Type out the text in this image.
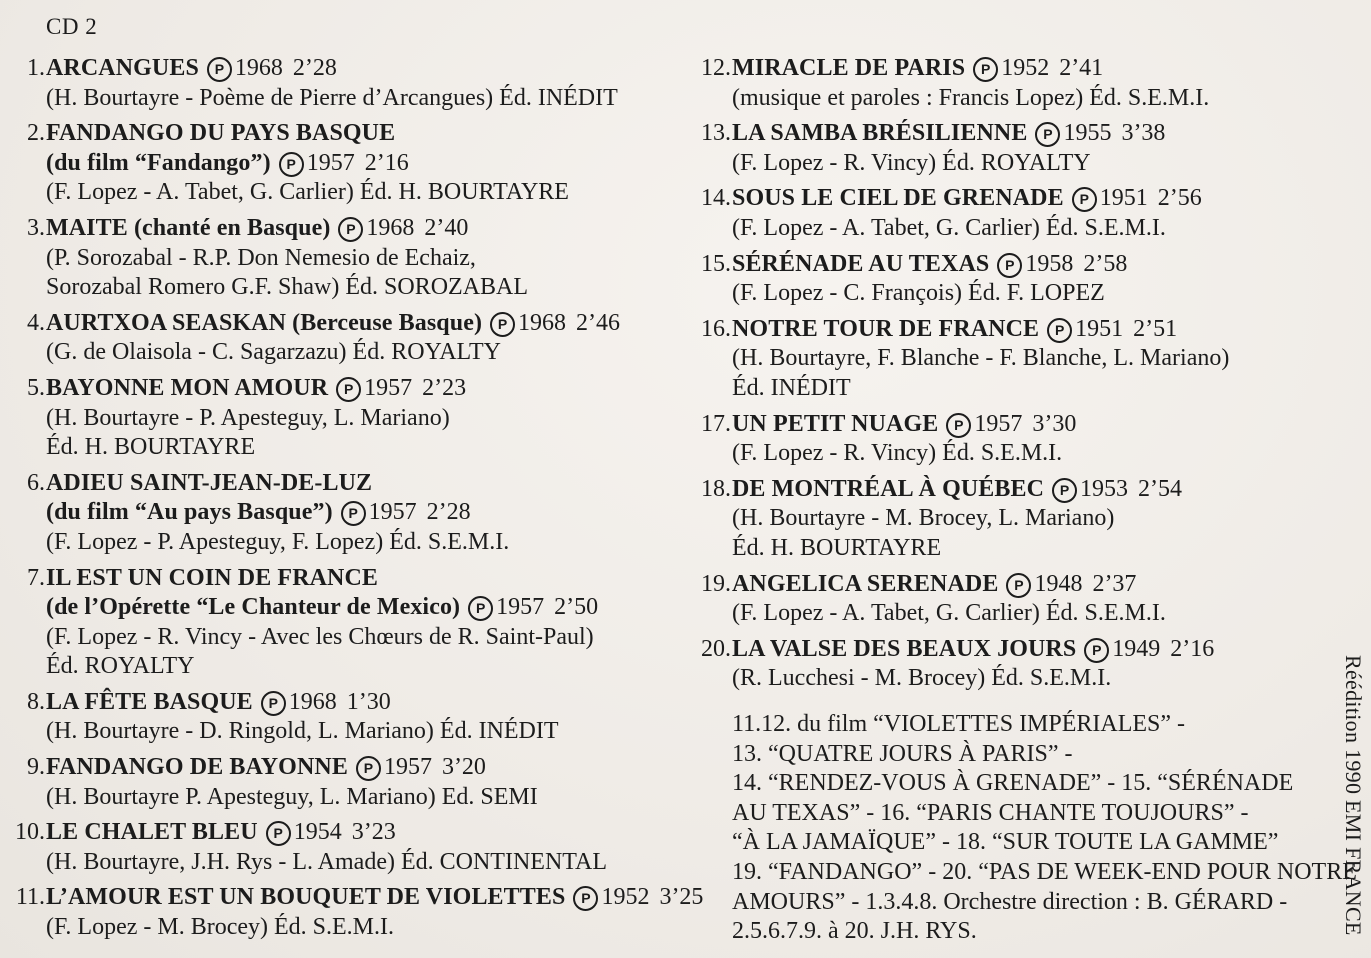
CD 2
1. ARCANGUES P 1968 2’28
(H. Bourtayre - Poème de Pierre d’Arcangues) Éd. INÉDIT
2. FANDANGO DU PAYS BASQUE
(du film “Fandango”) P 1957 2’16
(F. Lopez - A. Tabet, G. Carlier) Éd. H. BOURTAYRE
3. MAITE (chanté en Basque) P 1968 2’40
(P. Sorozabal - R.P. Don Nemesio de Echaiz,
Sorozabal Romero G.F. Shaw) Éd. SOROZABAL
4. AURTXOA SEASKAN (Berceuse Basque) P 1968 2’46
(G. de Olaisola - C. Sagarzazu) Éd. ROYALTY
5. BAYONNE MON AMOUR P 1957 2’23
(H. Bourtayre - P. Apesteguy, L. Mariano)
Éd. H. BOURTAYRE
6. ADIEU SAINT-JEAN-DE-LUZ
(du film “Au pays Basque”) P 1957 2’28
(F. Lopez - P. Apesteguy, F. Lopez) Éd. S.E.M.I.
7. IL EST UN COIN DE FRANCE
(de l’Opérette “Le Chanteur de Mexico) P 1957 2’50
(F. Lopez - R. Vincy - Avec les Chœurs de R. Saint-Paul)
Éd. ROYALTY
8. LA FÊTE BASQUE P 1968 1’30
(H. Bourtayre - D. Ringold, L. Mariano) Éd. INÉDIT
9. FANDANGO DE BAYONNE P 1957 3’20
(H. Bourtayre P. Apesteguy, L. Mariano) Ed. SEMI
10. LE CHALET BLEU P 1954 3’23
(H. Bourtayre, J.H. Rys - L. Amade) Éd. CONTINENTAL
11. L’AMOUR EST UN BOUQUET DE VIOLETTES P 1952 3’25
(F. Lopez - M. Brocey) Éd. S.E.M.I.
12. MIRACLE DE PARIS P 1952 2’41
(musique et paroles : Francis Lopez) Éd. S.E.M.I.
13. LA SAMBA BRÉSILIENNE P 1955 3’38
(F. Lopez - R. Vincy) Éd. ROYALTY
14. SOUS LE CIEL DE GRENADE P 1951 2’56
(F. Lopez - A. Tabet, G. Carlier) Éd. S.E.M.I.
15. SÉRÉNADE AU TEXAS P 1958 2’58
(F. Lopez - C. François) Éd. F. LOPEZ
16. NOTRE TOUR DE FRANCE P 1951 2’51
(H. Bourtayre, F. Blanche - F. Blanche, L. Mariano)
Éd. INÉDIT
17. UN PETIT NUAGE P 1957 3’30
(F. Lopez - R. Vincy) Éd. S.E.M.I.
18. DE MONTRÉAL À QUÉBEC P 1953 2’54
(H. Bourtayre - M. Brocey, L. Mariano)
Éd. H. BOURTAYRE
19. ANGELICA SERENADE P 1948 2’37
(F. Lopez - A. Tabet, G. Carlier) Éd. S.E.M.I.
20. LA VALSE DES BEAUX JOURS P 1949 2’16
(R. Lucchesi - M. Brocey) Éd. S.E.M.I.
11.12. du film “VIOLETTES IMPÉRIALES” -
13. “QUATRE JOURS À PARIS” -
14. “RENDEZ-VOUS À GRENADE” - 15. “SÉRÉNADE
AU TEXAS” - 16. “PARIS CHANTE TOUJOURS” -
“À LA JAMAÏQUE” - 18. “SUR TOUTE LA GAMME”
19. “FANDANGO” - 20. “PAS DE WEEK-END POUR NOTRE
AMOURS” - 1.3.4.8. Orchestre direction : B. GÉRARD -
2.5.6.7.9. à 20. J.H. RYS.	Réédition 1990 EMI FRANCE
